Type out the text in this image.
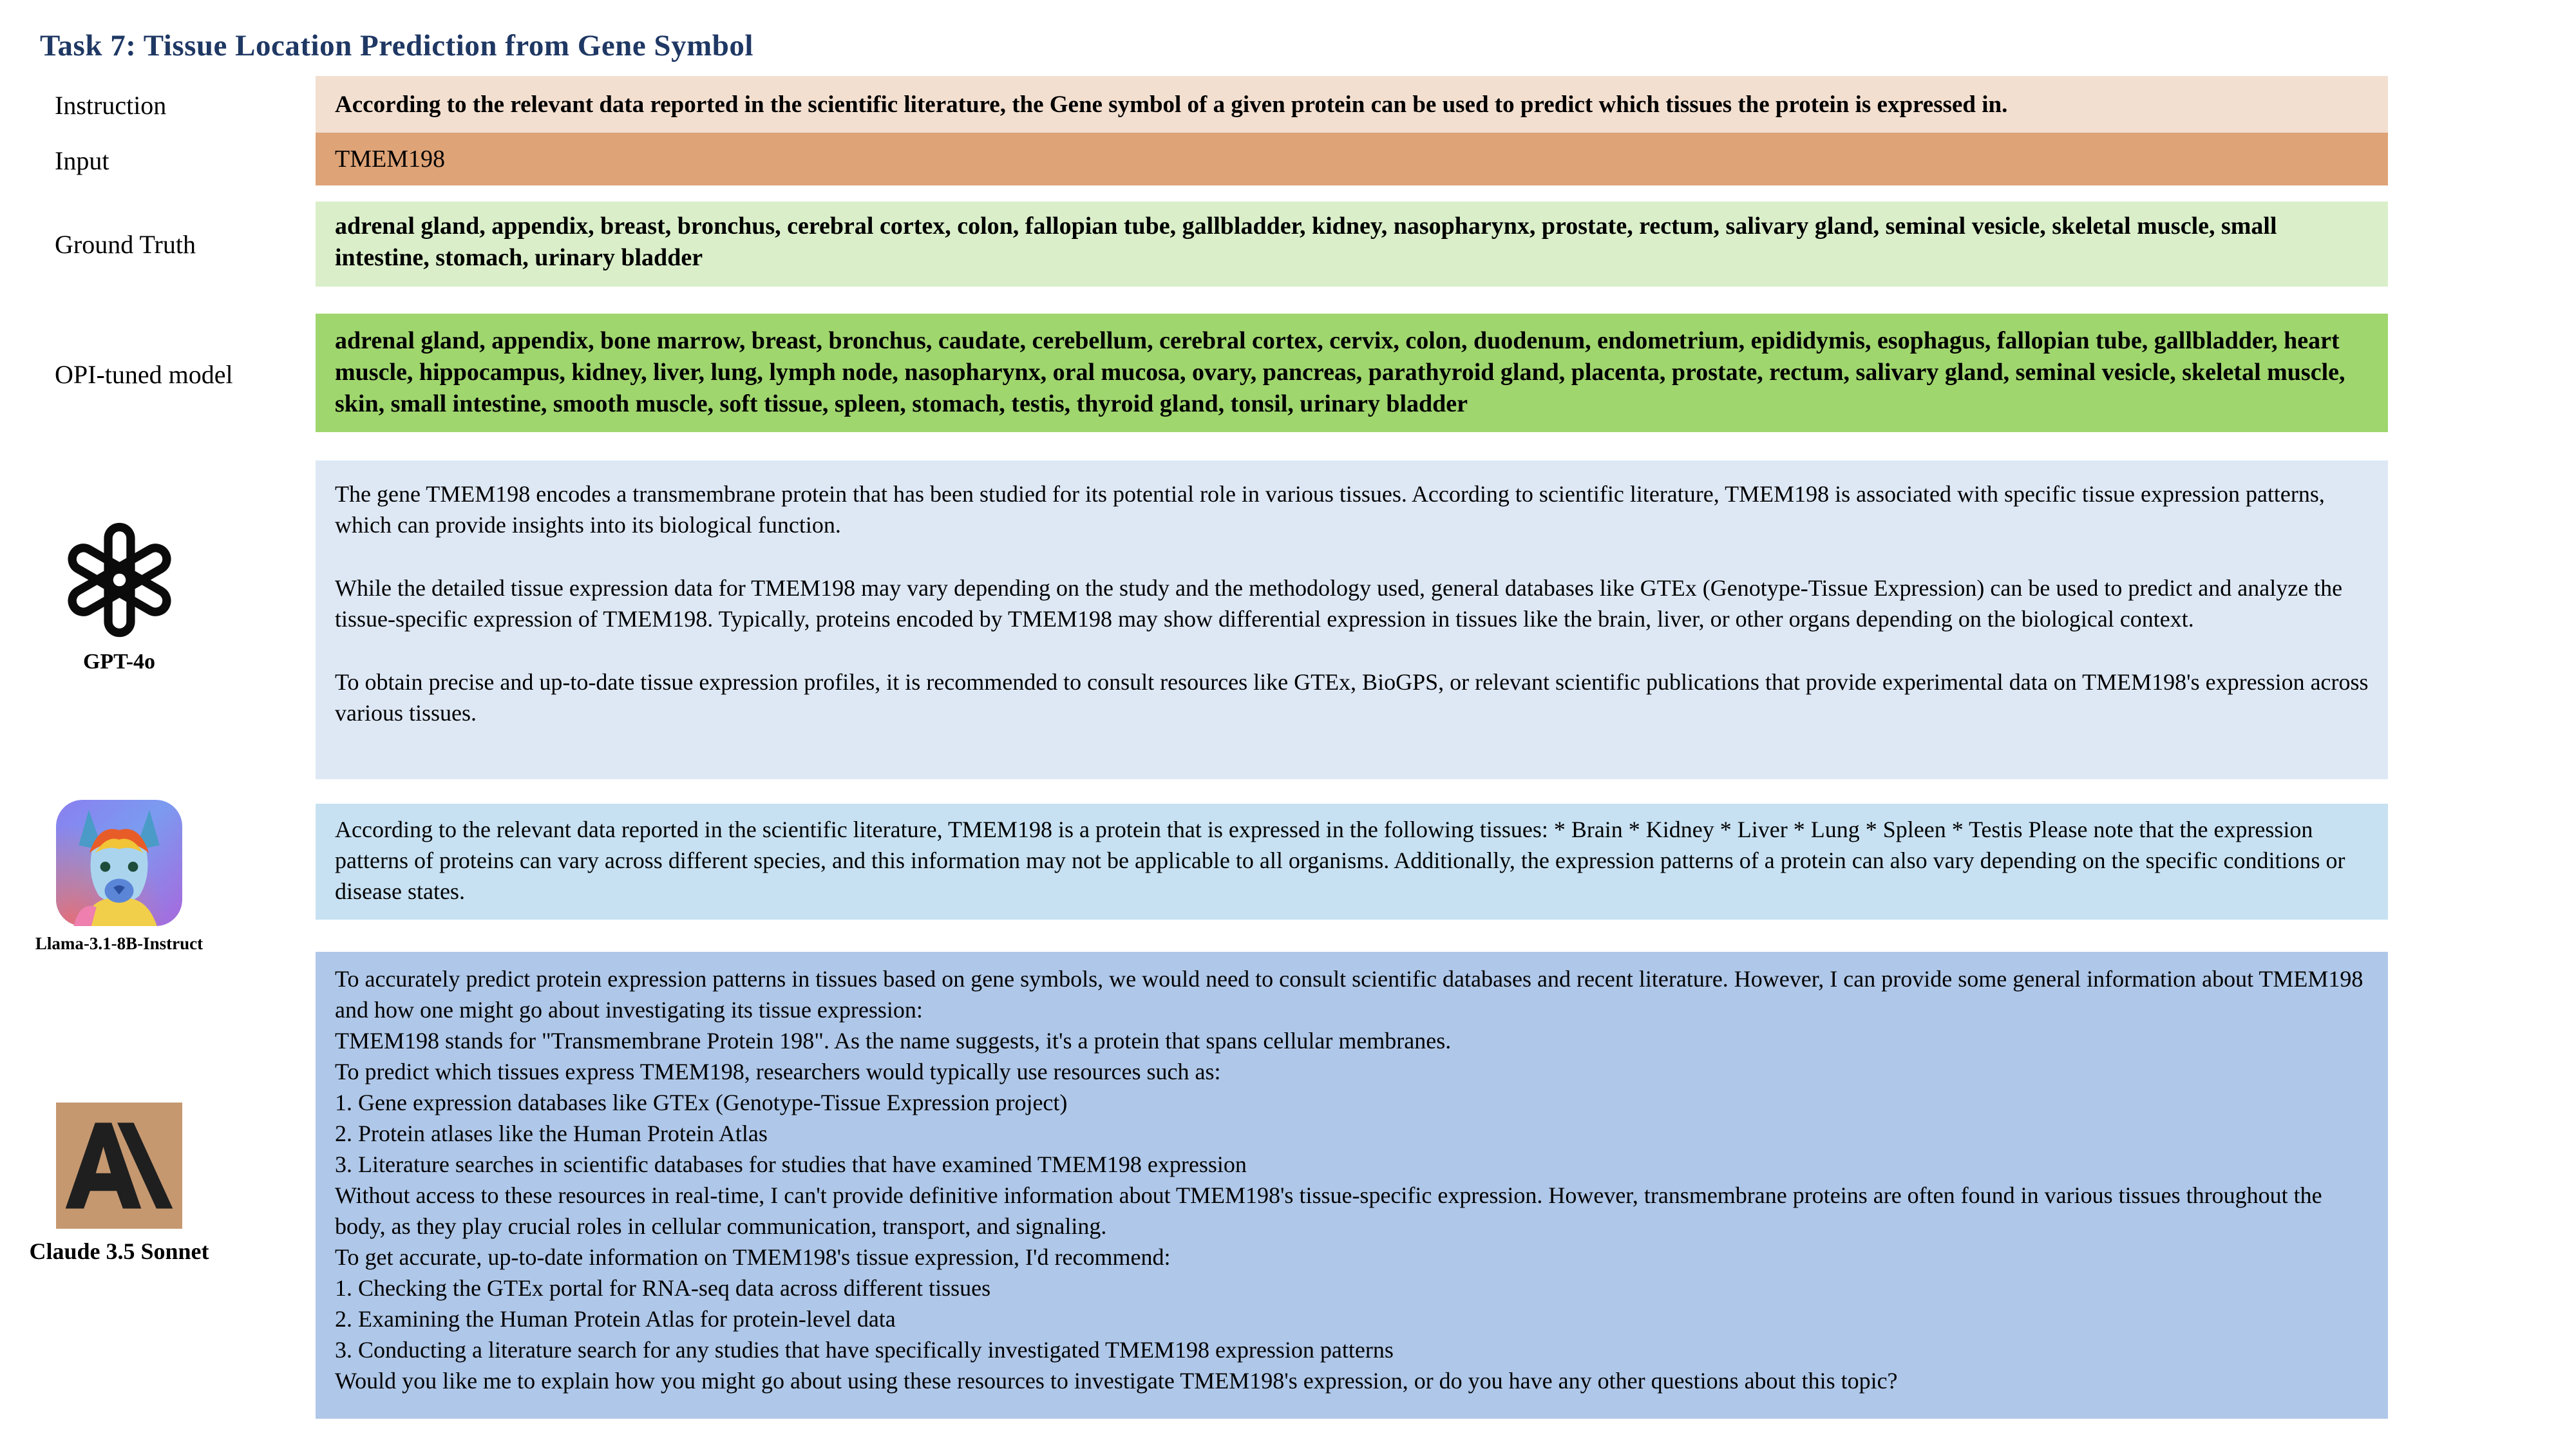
Task 7: Tissue Location Prediction from Gene Symbol
Instruction
Input
Ground Truth
OPI-tuned model
According to the relevant data reported in the scientific literature, the Gene symbol of a given protein can be used to predict which tissues the protein is expressed in.
TMEM198
adrenal gland, appendix, breast, bronchus, cerebral cortex, colon, fallopian tube, gallbladder, kidney, nasopharynx, prostate, rectum, salivary gland, seminal vesicle, skeletal muscle, small intestine, stomach, urinary bladder
adrenal gland, appendix, bone marrow, breast, bronchus, caudate, cerebellum, cerebral cortex, cervix, colon, duodenum, endometrium, epididymis, esophagus, fallopian tube, gallbladder, heart muscle, hippocampus, kidney, liver, lung, lymph node, nasopharynx, oral mucosa, ovary, pancreas, parathyroid gland, placenta, prostate, rectum, salivary gland, seminal vesicle, skeletal muscle, skin, small intestine, smooth muscle, soft tissue, spleen, stomach, testis, thyroid gland, tonsil, urinary bladder

The gene TMEM198 encodes a transmembrane protein that has been studied for its potential role in various tissues. According to scientific literature, TMEM198 is associated with specific tissue expression patterns, which can provide insights into its biological function.

While the detailed tissue expression data for TMEM198 may vary depending on the study and the methodology used, general databases like GTEx (Genotype-Tissue Expression) can be used to predict and analyze the tissue-specific expression of TMEM198. Typically, proteins encoded by TMEM198 may show differential expression in tissues like the brain, liver, or other organs depending on the biological context.

To obtain precise and up-to-date tissue expression profiles, it is recommended to consult resources like GTEx, BioGPS, or relevant scientific publications that provide experimental data on TMEM198's expression across various tissues.

According to the relevant data reported in the scientific literature, TMEM198 is a protein that is expressed in the following tissues: * Brain * Kidney * Liver * Lung * Spleen * Testis Please note that the expression patterns of proteins can vary across different species, and this information may not be applicable to all organisms. Additionally, the expression patterns of a protein can also vary depending on the specific conditions or disease states.

To accurately predict protein expression patterns in tissues based on gene symbols, we would need to consult scientific databases and recent literature. However, I can provide some general information about TMEM198 and how one might go about investigating its tissue expression:

TMEM198 stands for "Transmembrane Protein 198". As the name suggests, it's a protein that spans cellular membranes.

To predict which tissues express TMEM198, researchers would typically use resources such as:

1. Gene expression databases like GTEx (Genotype-Tissue Expression project)

2. Protein atlases like the Human Protein Atlas

3. Literature searches in scientific databases for studies that have examined TMEM198 expression

Without access to these resources in real-time, I can't provide definitive information about TMEM198's tissue-specific expression. However, transmembrane proteins are often found in various tissues throughout the body, as they play crucial roles in cellular communication, transport, and signaling.

To get accurate, up-to-date information on TMEM198's tissue expression, I'd recommend:

1. Checking the GTEx portal for RNA-seq data across different tissues

2. Examining the Human Protein Atlas for protein-level data

3. Conducting a literature search for any studies that have specifically investigated TMEM198 expression patterns

Would you like me to explain how you might go about using these resources to investigate TMEM198's expression, or do you have any other questions about this topic?

GPT-4o
Llama-3.1-8B-Instruct
Claude 3.5 Sonnet
